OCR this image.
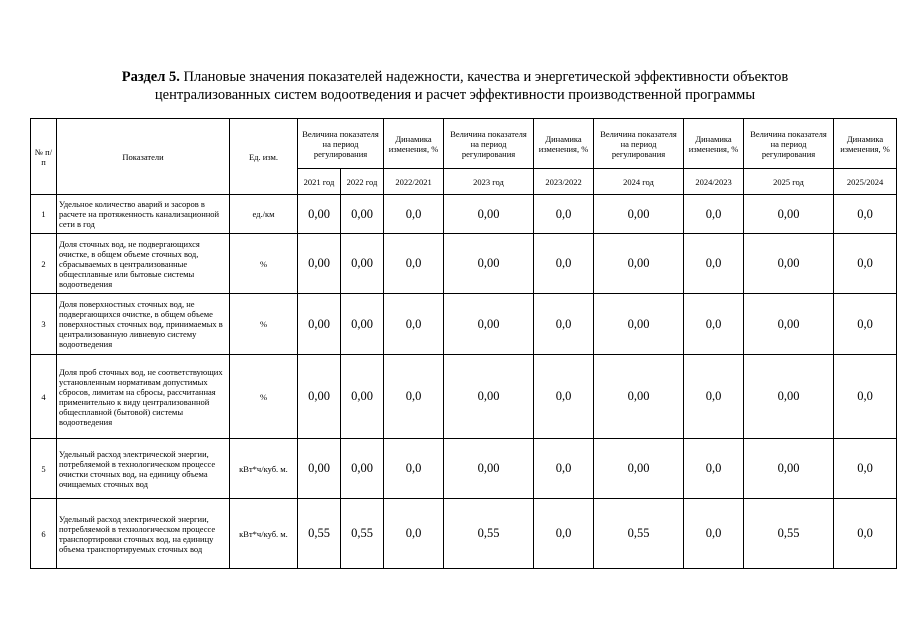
Раздел 5. Плановые значения показателей надежности, качества и энергетической эффективности объектов
централизованных систем водоотведения и расчет эффективности производственной программы
№ п/п	Показатели	Ед. изм.	Величина показателя на период регулирования		Динамика изменения, %	Величина показателя на период регулирования	Динамика изменения, %	Величина показателя на период регулирования	Динамика изменения, %	Величина показателя на период регулирования	Динамика изменения, %
			2021 год	2022 год	2022/2021	2023 год	2023/2022	2024 год	2024/2023	2025 год	2025/2024
1	Удельное количество аварий и засоров в расчете на протяженность канализационной сети в год	ед./км	0,00	0,00	0,0	0,00	0,0	0,00	0,0	0,00	0,0
2	Доля сточных вод, не подвергающихся очистке, в общем объеме сточных вод, сбрасываемых в централизованные общесплавные или бытовые системы водоотведения	%	0,00	0,00	0,0	0,00	0,0	0,00	0,0	0,00	0,0
3	Доля поверхностных сточных вод, не подвергающихся очистке, в общем объеме поверхностных сточных вод, принимаемых в централизованную ливневую систему водоотведения	%	0,00	0,00	0,0	0,00	0,0	0,00	0,0	0,00	0,0
4	Доля проб сточных вод, не соответствующих установленным нормативам допустимых сбросов, лимитам на сбросы, рассчитанная применительно к виду централизованной общесплавной (бытовой) системы водоотведения	%	0,00	0,00	0,0	0,00	0,0	0,00	0,0	0,00	0,0
5	Удельный расход электрической энергии, потребляемой в технологическом процессе очистки сточных вод, на единицу объема очищаемых сточных вод	кВт*ч/куб. м.	0,00	0,00	0,0	0,00	0,0	0,00	0,0	0,00	0,0
6	Удельный расход электрической энергии, потребляемой в технологическом процессе транспортировки сточных вод, на единицу объема транспортируемых сточных вод	кВт*ч/куб. м.	0,55	0,55	0,0	0,55	0,0	0,55	0,0	0,55	0,0
